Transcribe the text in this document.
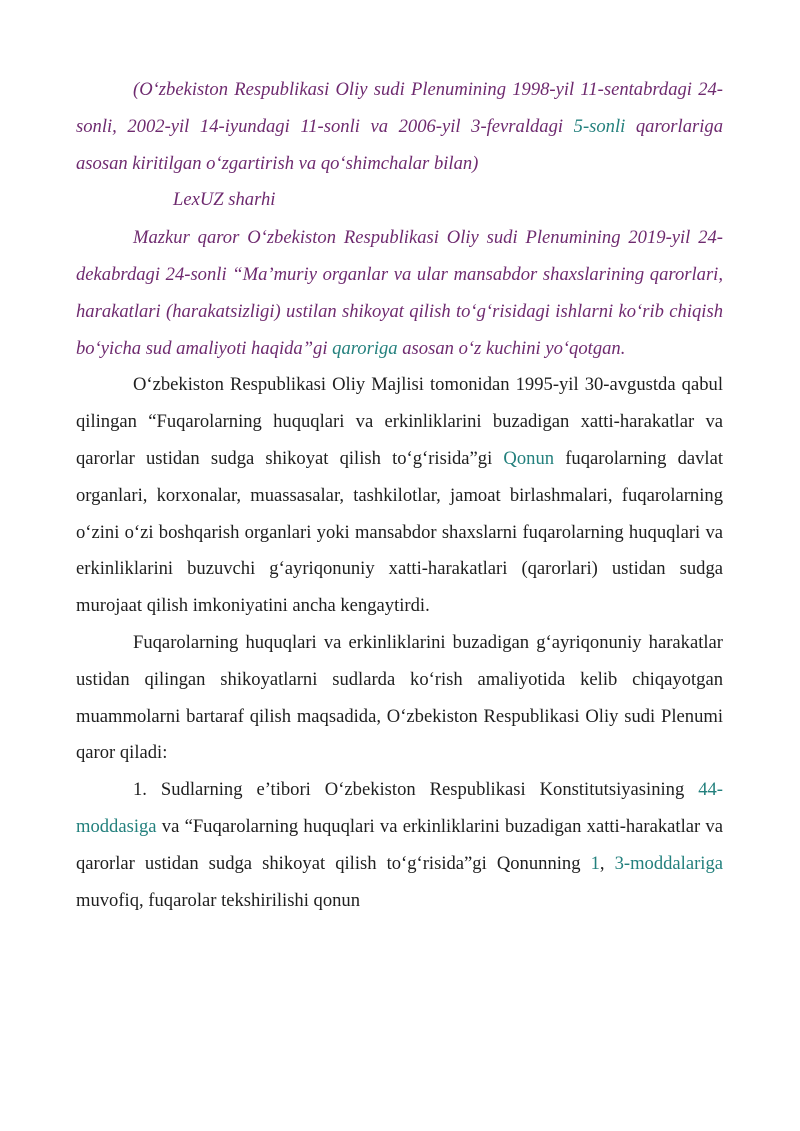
(O‘zbekiston Respublikasi Oliy sudi Plenumining 1998-yil 11-sentabrdagi 24-sonli, 2002-yil 14-iyundagi 11-sonli va 2006-yil 3-fevraldagi 5-sonli qarorlariga asosan kiritilgan o‘zgartirish va qo‘shimchalar bilan)

LexUZ sharhi

Mazkur qaror O‘zbekiston Respublikasi Oliy sudi Plenumining 2019-yil 24-dekabrdagi 24-sonli “Ma’muriy organlar va ular mansabdor shaxslarining qarorlari, harakatlari (harakatsizligi) ustilan shikoyat qilish to‘g‘risidagi ishlarni ko‘rib chiqish bo‘yicha sud amaliyoti haqida”gi qaroriga asosan o‘z kuchini yo‘qotgan.

O‘zbekiston Respublikasi Oliy Majlisi tomonidan 1995-yil 30-avgustda qabul qilingan “Fuqarolarning huquqlari va erkinliklarini buzadigan xatti-harakatlar va qarorlar ustidan sudga shikoyat qilish to‘g‘risida”gi Qonun fuqarolarning davlat organlari, korxonalar, muassasalar, tashkilotlar, jamoat birlashmalari, fuqarolarning o‘zini o‘zi boshqarish organlari yoki mansabdor shaxslarni fuqarolarning huquqlari va erkinliklarini buzuvchi g‘ayriqonuniy xatti-harakatlari (qarorlari) ustidan sudga murojaat qilish imkoniyatini ancha kengaytirdi.

Fuqarolarning huquqlari va erkinliklarini buzadigan g‘ayriqonuniy harakatlar ustidan qilingan shikoyatlarni sudlarda ko‘rish amaliyotida kelib chiqayotgan muammolarni bartaraf qilish maqsadida, O‘zbekiston Respublikasi Oliy sudi Plenumi qaror qiladi:

1. Sudlarning e’tibori O‘zbekiston Respublikasi Konstitutsiyasining 44-moddasiga va “Fuqarolarning huquqlari va erkinliklarini buzadigan xatti-harakatlar va qarorlar ustidan sudga shikoyat qilish to‘g‘risida”gi Qonunning 1, 3-moddalariga muvofiq, fuqarolar tekshirilishi qonun
